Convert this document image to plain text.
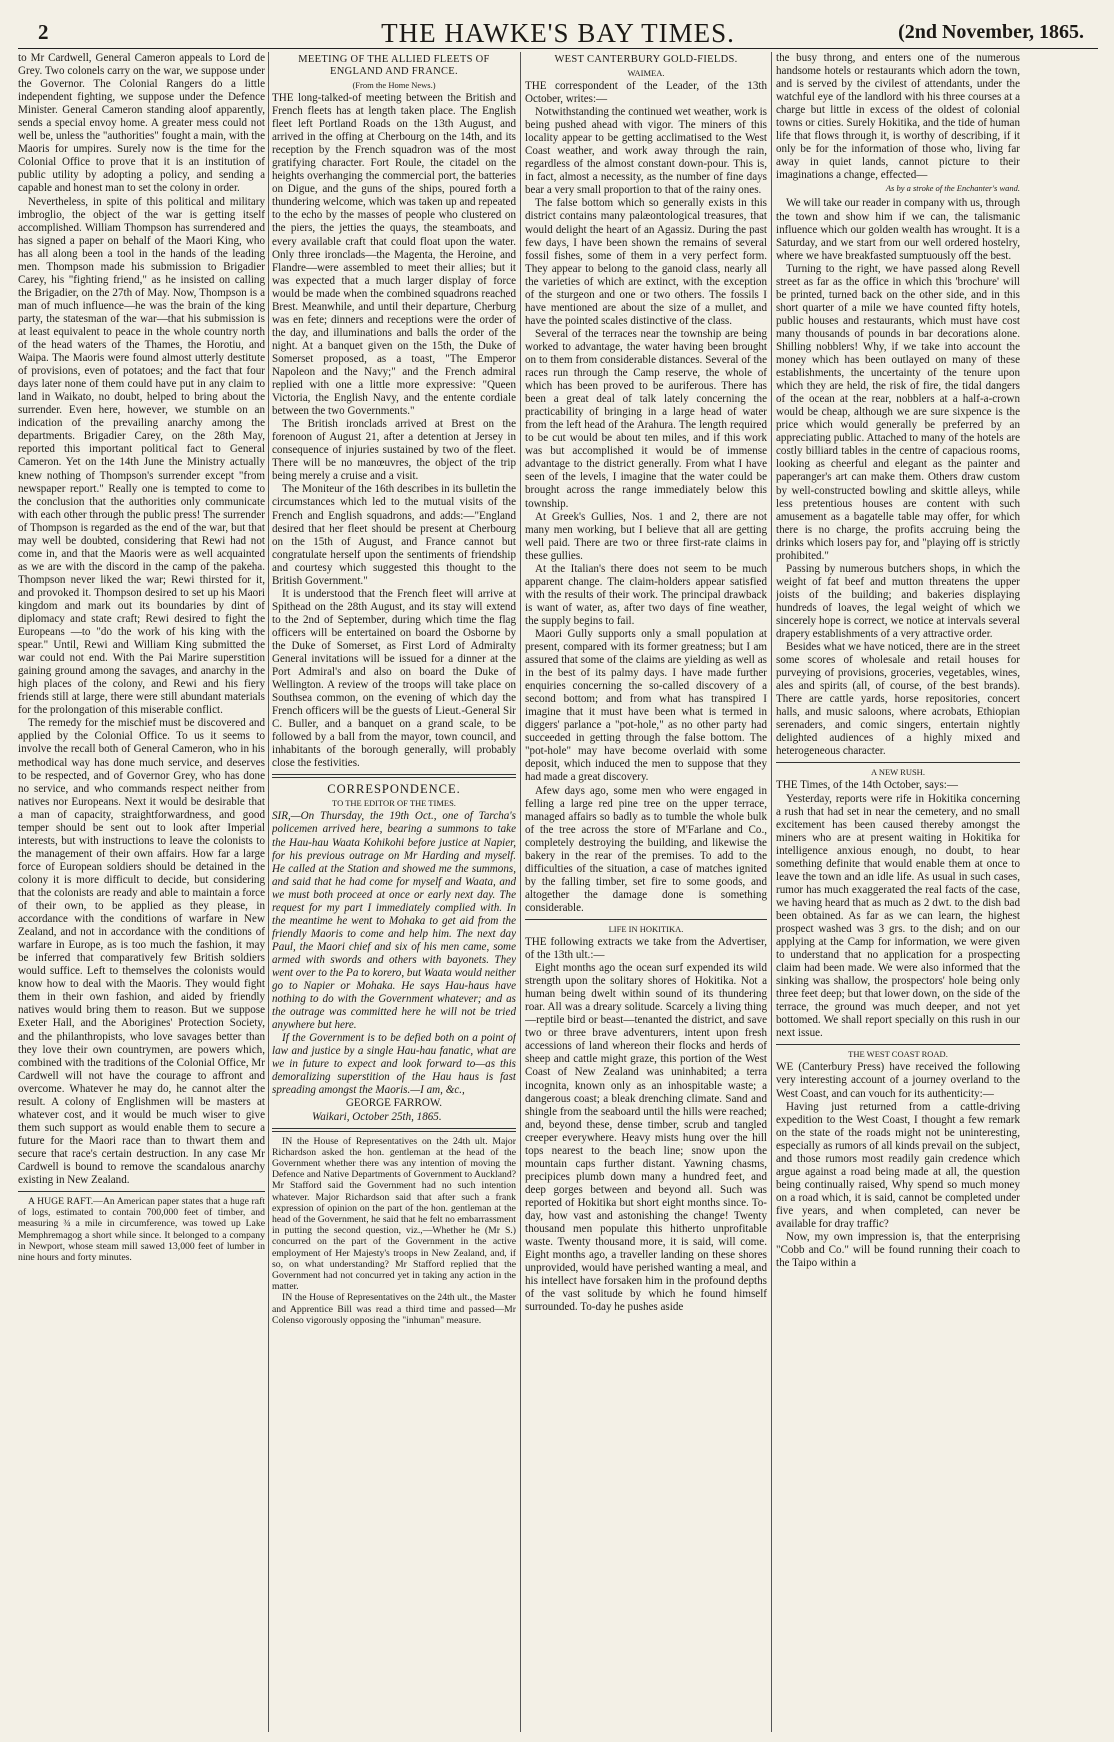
2	THE HAWKE'S BAY TIMES.	(2nd November, 1865.

to Mr Cardwell, General Cameron appeals to Lord de Grey. Two colonels carry on the war, we suppose under the Governor. The Colonial Rangers do a little independent fighting, we suppose under the Defence Minister. General Cameron standing aloof apparently, sends a special envoy home. A greater mess could not well be, unless the "authorities" fought a main, with the Maoris for umpires. Surely now is the time for the Colonial Office to prove that it is an institution of public utility by adopting a policy, and sending a capable and honest man to set the colony in order.

Nevertheless, in spite of this political and military imbroglio, the object of the war is getting itself accomplished. William Thompson has surrendered and has signed a paper on behalf of the Maori King, who has all along been a tool in the hands of the leading men. Thompson made his submission to Brigadier Carey, his "fighting friend," as he insisted on calling the Brigadier, on the 27th of May. Now, Thompson is a man of much influence—he was the brain of the king party, the statesman of the war—that his submission is at least equivalent to peace in the whole country north of the head waters of the Thames, the Horotiu, and Waipa. The Maoris were found almost utterly destitute of provisions, even of potatoes; and the fact that four days later none of them could have put in any claim to land in Waikato, no doubt, helped to bring about the surrender. Even here, however, we stumble on an indication of the prevailing anarchy among the departments. Brigadier Carey, on the 28th May, reported this important political fact to General Cameron. Yet on the 14th June the Ministry actually knew nothing of Thompson's surrender except "from newspaper report." Really one is tempted to come to the conclusion that the authorities only communicate with each other through the public press! The surrender of Thompson is regarded as the end of the war, but that may well be doubted, considering that Rewi had not come in, and that the Maoris were as well acquainted as we are with the discord in the camp of the pakeha. Thompson never liked the war; Rewi thirsted for it, and provoked it. Thompson desired to set up his Maori kingdom and mark out its boundaries by dint of diplomacy and state craft; Rewi desired to fight the Europeans —to "do the work of his king with the spear." Until, Rewi and William King submitted the war could not end. With the Pai Marire superstition gaining ground among the savages, and anarchy in the high places of the colony, and Rewi and his fiery friends still at large, there were still abundant materials for the prolongation of this miserable conflict.

The remedy for the mischief must be discovered and applied by the Colonial Office. To us it seems to involve the recall both of General Cameron, who in his methodical way has done much service, and deserves to be respected, and of Governor Grey, who has done no service, and who commands respect neither from natives nor Europeans. Next it would be desirable that a man of capacity, straightforwardness, and good temper should be sent out to look after Imperial interests, but with instructions to leave the colonists to the management of their own affairs. How far a large force of European soldiers should be detained in the colony it is more difficult to decide, but considering that the colonists are ready and able to maintain a force of their own, to be applied as they please, in accordance with the conditions of warfare in New Zealand, and not in accordance with the conditions of warfare in Europe, as is too much the fashion, it may be inferred that comparatively few British soldiers would suffice. Left to themselves the colonists would know how to deal with the Maoris. They would fight them in their own fashion, and aided by friendly natives would bring them to reason. But we suppose Exeter Hall, and the Aborigines' Protection Society, and the philanthropists, who love savages better than they love their own countrymen, are powers which, combined with the traditions of the Colonial Office, Mr Cardwell will not have the courage to affront and overcome. Whatever he may do, he cannot alter the result. A colony of Englishmen will be masters at whatever cost, and it would be much wiser to give them such support as would enable them to secure a future for the Maori race than to thwart them and secure that race's certain destruction. In any case Mr Cardwell is bound to remove the scandalous anarchy existing in New Zealand.

A HUGE RAFT.—An American paper states that a huge raft of logs, estimated to contain 700,000 feet of timber, and measuring ¾ a mile in circumference, was towed up Lake Memphremagog a short while since. It belonged to a company in Newport, whose steam mill sawed 13,000 feet of lumber in nine hours and forty minutes.

MEETING OF THE ALLIED FLEETS OF ENGLAND AND FRANCE.
(From the Home News.)

THE long-talked-of meeting between the British and French fleets has at length taken place. The English fleet left Portland Roads on the 13th August, and arrived in the offing at Cherbourg on the 14th, and its reception by the French squadron was of the most gratifying character. Fort Roule, the citadel on the heights overhanging the commercial port, the batteries on Digue, and the guns of the ships, poured forth a thundering welcome, which was taken up and repeated to the echo by the masses of people who clustered on the piers, the jetties the quays, the steamboats, and every available craft that could float upon the water. Only three ironclads—the Magenta, the Heroine, and Flandre—were assembled to meet their allies; but it was expected that a much larger display of force would be made when the combined squadrons reached Brest. Meanwhile, and until their departure, Cherburg was en fete; dinners and receptions were the order of the day, and illuminations and balls the order of the night. At a banquet given on the 15th, the Duke of Somerset proposed, as a toast, "The Emperor Napoleon and the Navy;" and the French admiral replied with one a little more expressive: "Queen Victoria, the English Navy, and the entente cordiale between the two Governments."

The British ironclads arrived at Brest on the forenoon of August 21, after a detention at Jersey in consequence of injuries sustained by two of the fleet. There will be no manœuvres, the object of the trip being merely a cruise and a visit.

The Moniteur of the 16th describes in its bulletin the circumstances which led to the mutual visits of the French and English squadrons, and adds:—"England desired that her fleet should be present at Cherbourg on the 15th of August, and France cannot but congratulate herself upon the sentiments of friendship and courtesy which suggested this thought to the British Government."

It is understood that the French fleet will arrive at Spithead on the 28th August, and its stay will extend to the 2nd of September, during which time the flag officers will be entertained on board the Osborne by the Duke of Somerset, as First Lord of Admiralty General invitations will be issued for a dinner at the Port Admiral's and also on board the Duke of Wellington. A review of the troops will take place on Southsea common, on the evening of which day the French officers will be the guests of Lieut.-General Sir C. Buller, and a banquet on a grand scale, to be followed by a ball from the mayor, town council, and inhabitants of the borough generally, will probably close the festivities.

CORRESPONDENCE.
TO THE EDITOR OF THE TIMES.

SIR,—On Thursday, the 19th Oct., one of Tarcha's policemen arrived here, bearing a summons to take the Hau-hau Waata Kohikohi before justice at Napier, for his previous outrage on Mr Harding and myself. He called at the Station and showed me the summons, and said that he had come for myself and Waata, and we must both proceed at once or early next day. The request for my part I immediately complied with. In the meantime he went to Mohaka to get aid from the friendly Maoris to come and help him. The next day Paul, the Maori chief and six of his men came, some armed with swords and others with bayonets. They went over to the Pa to korero, but Waata would neither go to Napier or Mohaka. He says Hau-haus have nothing to do with the Government whatever; and as the outrage was committed here he will not be tried anywhere but here.

If the Government is to be defied both on a point of law and justice by a single Hau-hau fanatic, what are we in future to expect and look forward to—as this demoralizing superstition of the Hau haus is fast spreading amongst the Maoris.—I am, &c.,

GEORGE FARROW.

Waikari, October 25th, 1865.

IN the House of Representatives on the 24th ult. Major Richardson asked the hon. gentleman at the head of the Government whether there was any intention of moving the Defence and Native Departments of Government to Auckland? Mr Stafford said the Government had no such intention whatever. Major Richardson said that after such a frank expression of opinion on the part of the hon. gentleman at the head of the Government, he said that he felt no embarrassment in putting the second question, viz.,—Whether he (Mr S.) concurred on the part of the Government in the active employment of Her Majesty's troops in New Zealand, and, if so, on what understanding? Mr Stafford replied that the Government had not concurred yet in taking any action in the matter.

IN the House of Representatives on the 24th ult., the Master and Apprentice Bill was read a third time and passed—Mr Colenso vigorously opposing the "inhuman" measure.

WEST CANTERBURY GOLD-FIELDS.
WAIMEA.

THE correspondent of the Leader, of the 13th October, writes:—

Notwithstanding the continued wet weather, work is being pushed ahead with vigor. The miners of this locality appear to be getting acclimatised to the West Coast weather, and work away through the rain, regardless of the almost constant down-pour. This is, in fact, almost a necessity, as the number of fine days bear a very small proportion to that of the rainy ones.

The false bottom which so generally exists in this district contains many palæontological treasures, that would delight the heart of an Agassiz. During the past few days, I have been shown the remains of several fossil fishes, some of them in a very perfect form. They appear to belong to the ganoid class, nearly all the varieties of which are extinct, with the exception of the sturgeon and one or two others. The fossils I have mentioned are about the size of a mullet, and have the pointed scales distinctive of the class.

Several of the terraces near the township are being worked to advantage, the water having been brought on to them from considerable distances. Several of the races run through the Camp reserve, the whole of which has been proved to be auriferous. There has been a great deal of talk lately concerning the practicability of bringing in a large head of water from the left head of the Arahura. The length required to be cut would be about ten miles, and if this work was but accomplished it would be of immense advantage to the district generally. From what I have seen of the levels, I imagine that the water could be brought across the range immediately below this township.

At Greek's Gullies, Nos. 1 and 2, there are not many men working, but I believe that all are getting well paid. There are two or three first-rate claims in these gullies.

At the Italian's there does not seem to be much apparent change. The claim-holders appear satisfied with the results of their work. The principal drawback is want of water, as, after two days of fine weather, the supply begins to fail.

Maori Gully supports only a small population at present, compared with its former greatness; but I am assured that some of the claims are yielding as well as in the best of its palmy days. I have made further enquiries concerning the so-called discovery of a second bottom; and from what has transpired I imagine that it must have been what is termed in diggers' parlance a "pot-hole," as no other party had succeeded in getting through the false bottom. The "pot-hole" may have become overlaid with some deposit, which induced the men to suppose that they had made a great discovery.

Afew days ago, some men who were engaged in felling a large red pine tree on the upper terrace, managed affairs so badly as to tumble the whole bulk of the tree across the store of M'Farlane and Co., completely destroying the building, and likewise the bakery in the rear of the premises. To add to the difficulties of the situation, a case of matches ignited by the falling timber, set fire to some goods, and altogether the damage done is something considerable.

LIFE IN HOKITIKA.

THE following extracts we take from the Advertiser, of the 13th ult.:—

Eight months ago the ocean surf expended its wild strength upon the solitary shores of Hokitika. Not a human being dwelt within sound of its thundering roar. All was a dreary solitude. Scarcely a living thing—reptile bird or beast—tenanted the district, and save two or three brave adventurers, intent upon fresh accessions of land whereon their flocks and herds of sheep and cattle might graze, this portion of the West Coast of New Zealand was uninhabited; a terra incognita, known only as an inhospitable waste; a dangerous coast; a bleak drenching climate. Sand and shingle from the seaboard until the hills were reached; and, beyond these, dense timber, scrub and tangled creeper everywhere. Heavy mists hung over the hill tops nearest to the beach line; snow upon the mountain caps further distant. Yawning chasms, precipices plumb down many a hundred feet, and deep gorges between and beyond all. Such was reported of Hokitika but short eight months since. To-day, how vast and astonishing the change! Twenty thousand men populate this hitherto unprofitable waste. Twenty thousand more, it is said, will come. Eight months ago, a traveller landing on these shores unprovided, would have perished wanting a meal, and his intellect have forsaken him in the profound depths of the vast solitude by which he found himself surrounded. To-day he pushes aside

the busy throng, and enters one of the numerous handsome hotels or restaurants which adorn the town, and is served by the civilest of attendants, under the watchful eye of the landlord with his three courses at a charge but little in excess of the oldest of colonial towns or cities. Surely Hokitika, and the tide of human life that flows through it, is worthy of describing, if it only be for the information of those who, living far away in quiet lands, cannot picture to their imaginations a change, effected—

As by a stroke of the Enchanter's wand.

We will take our reader in company with us, through the town and show him if we can, the talismanic influence which our golden wealth has wrought. It is a Saturday, and we start from our well ordered hostelry, where we have breakfasted sumptuously off the best.

Turning to the right, we have passed along Revell street as far as the office in which this 'brochure' will be printed, turned back on the other side, and in this short quarter of a mile we have counted fifty hotels, public houses and restaurants, which must have cost many thousands of pounds in bar decorations alone. Shilling nobblers! Why, if we take into account the money which has been outlayed on many of these establishments, the uncertainty of the tenure upon which they are held, the risk of fire, the tidal dangers of the ocean at the rear, nobblers at a half-a-crown would be cheap, although we are sure sixpence is the price which would generally be preferred by an appreciating public. Attached to many of the hotels are costly billiard tables in the centre of capacious rooms, looking as cheerful and elegant as the painter and paperanger's art can make them. Others draw custom by well-constructed bowling and skittle alleys, while less pretentious houses are content with such amusement as a bagatelle table may offer, for which there is no charge, the profits accruing being the drinks which losers pay for, and "playing off is strictly prohibited."

Passing by numerous butchers shops, in which the weight of fat beef and mutton threatens the upper joists of the building; and bakeries displaying hundreds of loaves, the legal weight of which we sincerely hope is correct, we notice at intervals several drapery establishments of a very attractive order.

Besides what we have noticed, there are in the street some scores of wholesale and retail houses for purveying of provisions, groceries, vegetables, wines, ales and spirits (all, of course, of the best brands). There are cattle yards, horse repositories, concert halls, and music saloons, where acrobats, Ethiopian serenaders, and comic singers, entertain nightly delighted audiences of a highly mixed and heterogeneous character.

A NEW RUSH.

THE Times, of the 14th October, says:—

Yesterday, reports were rife in Hokitika concerning a rush that had set in near the cemetery, and no small excitement has been caused thereby amongst the miners who are at present waiting in Hokitika for intelligence anxious enough, no doubt, to hear something definite that would enable them at once to leave the town and an idle life. As usual in such cases, rumor has much exaggerated the real facts of the case, we having heard that as much as 2 dwt. to the dish bad been obtained. As far as we can learn, the highest prospect washed was 3 grs. to the dish; and on our applying at the Camp for information, we were given to understand that no application for a prospecting claim had been made. We were also informed that the sinking was shallow, the prospectors' hole being only three feet deep; but that lower down, on the side of the terrace, the ground was much deeper, and not yet bottomed. We shall report specially on this rush in our next issue.

THE WEST COAST ROAD.

WE (Canterbury Press) have received the following very interesting account of a journey overland to the West Coast, and can vouch for its authenticity:—

Having just returned from a cattle-driving expedition to the West Coast, I thought a few remark on the state of the roads might not be uninteresting, especially as rumors of all kinds prevail on the subject, and those rumors most readily gain credence which argue against a road being made at all, the question being continually raised, Why spend so much money on a road which, it is said, cannot be completed under five years, and when completed, can never be available for dray traffic?

Now, my own impression is, that the enterprising "Cobb and Co." will be found running their coach to the Taipo within a
